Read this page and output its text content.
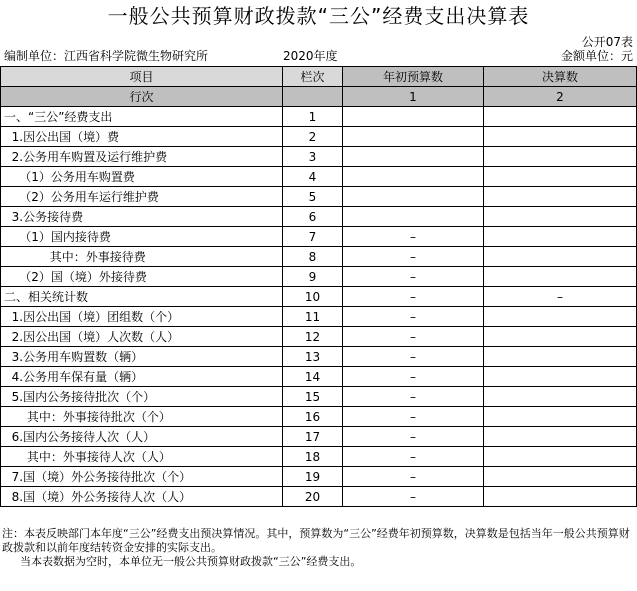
一般公共预算财政拨款“三公”经费支出决算表
公开07表
编制单位：江西省科学院微生物研究所	2020年度	金额单位：元
项目	栏次	年初预算数	决算数
行次		1	2
一、“三公”经费支出	1		
1.因公出国（境）费	2		
2.公务用车购置及运行维护费	3		
（1）公务用车购置费	4		
（2）公务用车运行维护费	5		
3.公务接待费	6		
（1）国内接待费	7	–	
其中：外事接待费	8	–	
（2）国（境）外接待费	9	–	
二、相关统计数	10	–	–
1.因公出国（境）团组数（个）	11	–	
2.因公出国（境）人次数（人）	12	–	
3.公务用车购置数（辆）	13	–	
4.公务用车保有量（辆）	14	–	
5.国内公务接待批次（个）	15	–	
其中：外事接待批次（个）	16	–	
6.国内公务接待人次（人）	17	–	
其中：外事接待人次（人）	18	–	
7.国（境）外公务接待批次（个）	19	–	
8.国（境）外公务接待人次（人）	20	–	

注：本表反映部门本年度“三公”经费支出预决算情况。其中，预算数为“三公”经费年初预算数，决算数是包括当年一般公共预算财政拨款和以前年度结转资金安排的实际支出。

当本表数据为空时，本单位无一般公共预算财政拨款“三公”经费支出。
